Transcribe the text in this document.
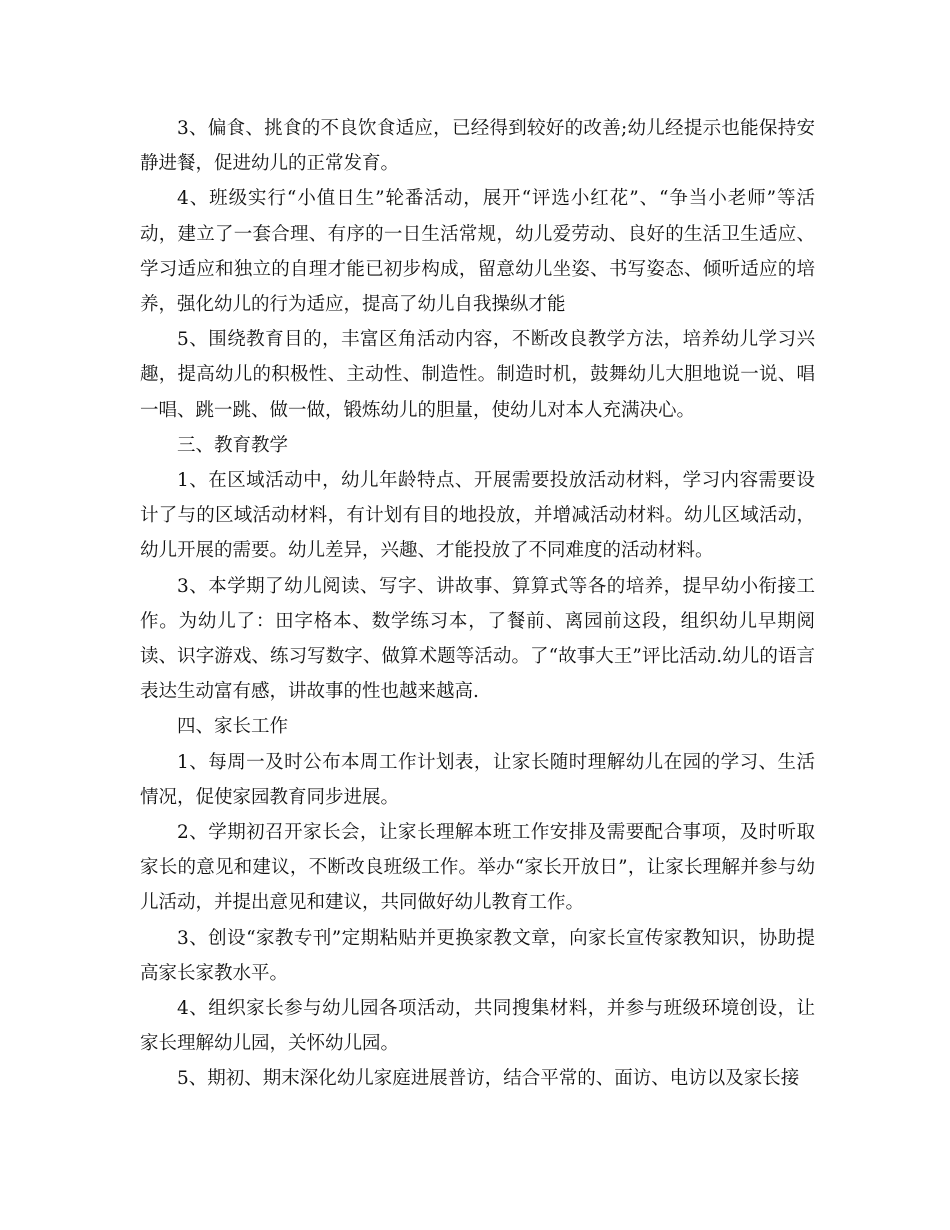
3、偏食、挑食的不良饮食适应，已经得到较好的改善;幼儿经提示也能保持安静进餐，促进幼儿的正常发育。

4、班级实行“小值日生”轮番活动，展开“评选小红花”、“争当小老师”等活动，建立了一套合理、有序的一日生活常规，幼儿爱劳动、良好的生活卫生适应、学习适应和独立的自理才能已初步构成，留意幼儿坐姿、书写姿态、倾听适应的培养，强化幼儿的行为适应，提高了幼儿自我操纵才能

5、围绕教育目的，丰富区角活动内容，不断改良教学方法，培养幼儿学习兴趣，提高幼儿的积极性、主动性、制造性。制造时机，鼓舞幼儿大胆地说一说、唱一唱、跳一跳、做一做，锻炼幼儿的胆量，使幼儿对本人充满决心。

三、教育教学

1、在区域活动中，幼儿年龄特点、开展需要投放活动材料，学习内容需要设计了与的区域活动材料，有计划有目的地投放，并增减活动材料。幼儿区域活动，幼儿开展的需要。幼儿差异，兴趣、才能投放了不同难度的活动材料。

3、本学期了幼儿阅读、写字、讲故事、算算式等各的培养，提早幼小衔接工作。为幼儿了：田字格本、数学练习本，了餐前、离园前这段，组织幼儿早期阅读、识字游戏、练习写数字、做算术题等活动。了“故事大王”评比活动.幼儿的语言表达生动富有感，讲故事的性也越来越高.

四、家长工作

1、每周一及时公布本周工作计划表，让家长随时理解幼儿在园的学习、生活情况，促使家园教育同步进展。

2、学期初召开家长会，让家长理解本班工作安排及需要配合事项，及时听取家长的意见和建议，不断改良班级工作。举办“家长开放日”，让家长理解并参与幼儿活动，并提出意见和建议，共同做好幼儿教育工作。

3、创设“家教专刊”定期粘贴并更换家教文章，向家长宣传家教知识，协助提高家长家教水平。

4、组织家长参与幼儿园各项活动，共同搜集材料，并参与班级环境创设，让家长理解幼儿园，关怀幼儿园。

5、期初、期末深化幼儿家庭进展普访，结合平常的、面访、电访以及家长接
